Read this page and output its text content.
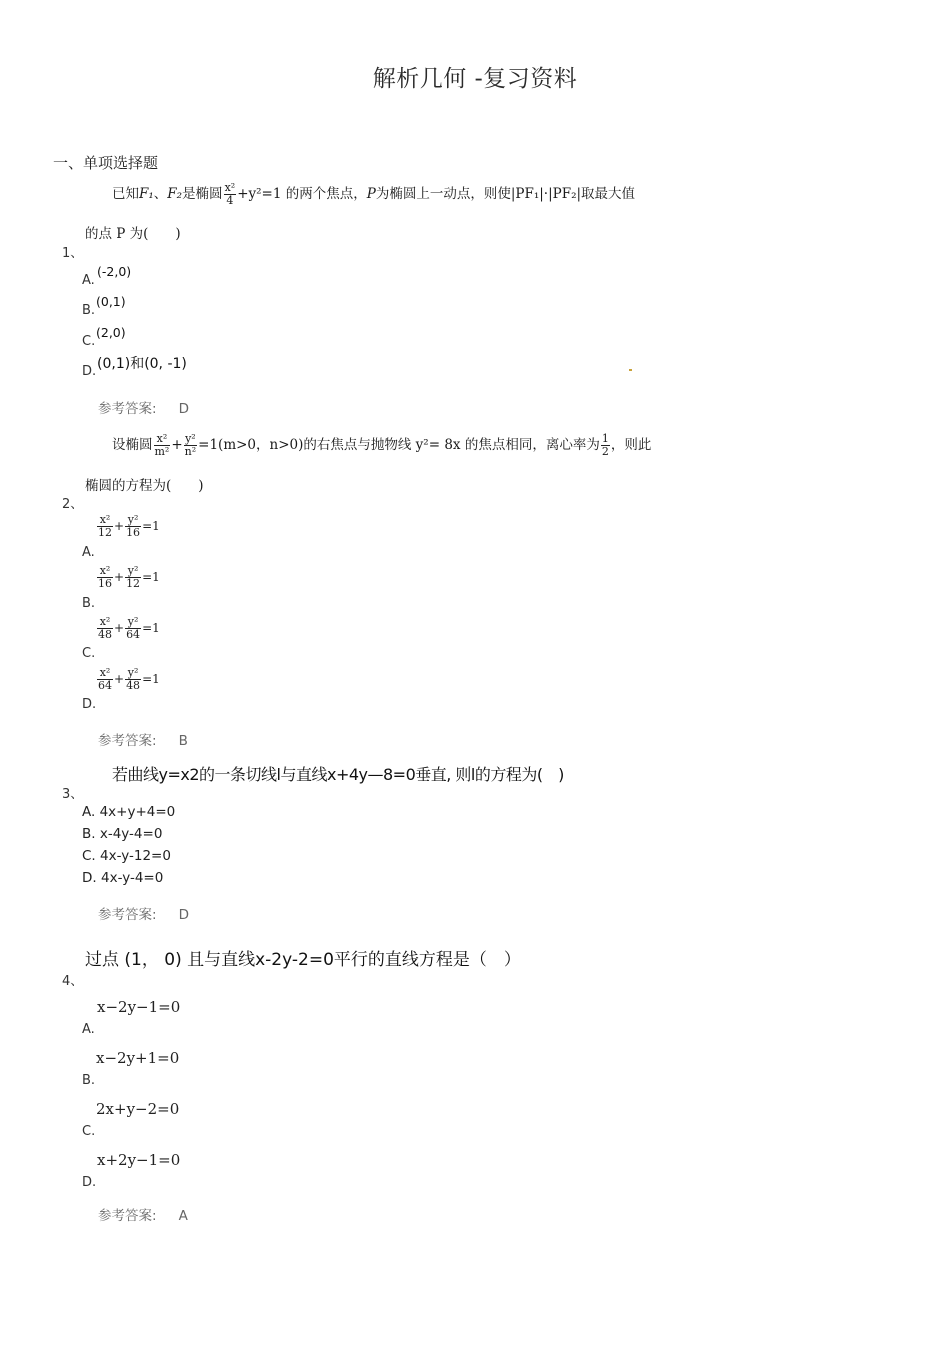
解析几何 -复习资料
一、单项选择题
已知F₁、F₂是椭圆 $\frac{\text{x²}}{4} +y^2=1$ 的两个焦点，P为椭圆上一动点，则使|PF₁|·|PF₂|取最大值
的点 P 为(　　)
1、
A.
(-2,0)
B.
(0,1)
C.
(2,0)
D. (0,1)和(0, -1)
参考答案: D
设椭圆 $\frac{\text{x²}}{\text{m²}} + \frac{\text{y²}}{\text{n²}} =1(m>0$，n>0)的右焦点与抛物线 y²= 8x 的焦点相同，离心率为 $\frac{1}{2}$ ，则此
椭圆的方程为(　　)
2、
$\frac{\text{x²}}{12} + \frac{\text{y²}}{16} =1$
A.
$\frac{\text{x²}}{16} + \frac{\text{y²}}{12} =1$
B.
$\frac{\text{x²}}{48} + \frac{\text{y²}}{64} =1$
C.
$\frac{\text{x²}}{64} + \frac{\text{y²}}{48} =1$
D.
参考答案: B
若曲线y=x2的一条切线l与直线x+4y—8=0垂直, 则l的方程为(　)
3、
A. 4x+y+4=0
B. x-4y-4=0
C. 4x-y-12=0
D. 4x-y-4=0
参考答案: D
过点 (1， 0) 且与直线x-2y-2=0平行的直线方程是（　）
4、
x−2y−1=0
A.
x−2y+1=0
B.
2x+y−2=0
C.
x+2y−1=0
D.
参考答案: A
